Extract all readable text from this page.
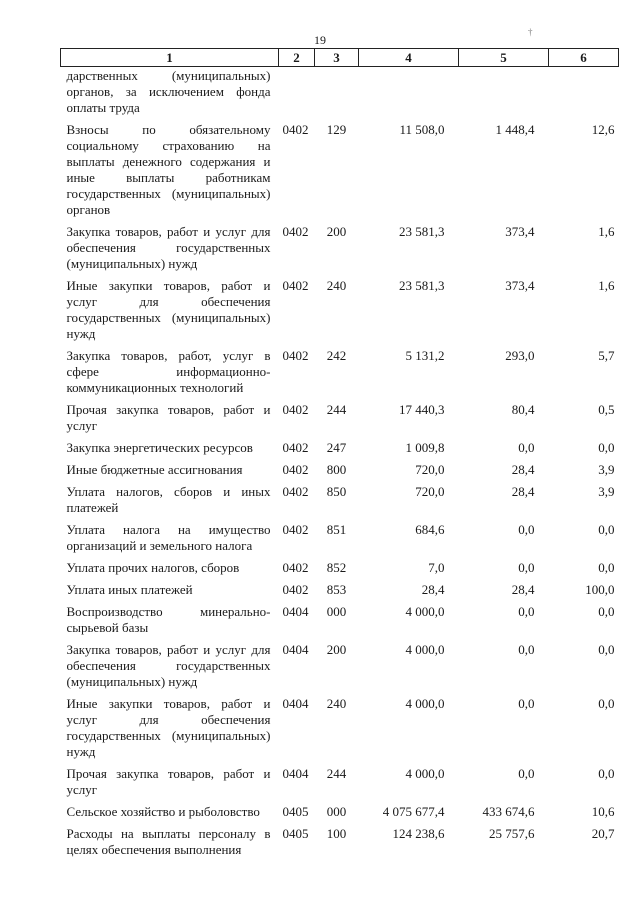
19
†
1	2	3	4	5	6
дарственных (муниципальных) органов, за исключением фонда оплаты труда					
Взносы по обязательному социальному страхованию на выплаты денежного содержания и иные выплаты работникам государственных (муниципальных) органов	0402	129	11 508,0	1 448,4	12,6
Закупка товаров, работ и услуг для обеспечения государственных (муниципальных) нужд	0402	200	23 581,3	373,4	1,6
Иные закупки товаров, работ и услуг для обеспечения государственных (муниципальных) нужд	0402	240	23 581,3	373,4	1,6
Закупка товаров, работ, услуг в сфере информационно-коммуникационных технологий	0402	242	5 131,2	293,0	5,7
Прочая закупка товаров, работ и услуг	0402	244	17 440,3	80,4	0,5
Закупка энергетических ресурсов	0402	247	1 009,8	0,0	0,0
Иные бюджетные ассигнования	0402	800	720,0	28,4	3,9
Уплата налогов, сборов и иных платежей	0402	850	720,0	28,4	3,9
Уплата налога на имущество организаций и земельного налога	0402	851	684,6	0,0	0,0
Уплата прочих налогов, сборов	0402	852	7,0	0,0	0,0
Уплата иных платежей	0402	853	28,4	28,4	100,0
Воспроизводство минерально-сырьевой базы	0404	000	4 000,0	0,0	0,0
Закупка товаров, работ и услуг для обеспечения государственных (муниципальных) нужд	0404	200	4 000,0	0,0	0,0
Иные закупки товаров, работ и услуг для обеспечения государственных (муниципальных) нужд	0404	240	4 000,0	0,0	0,0
Прочая закупка товаров, работ и услуг	0404	244	4 000,0	0,0	0,0
Сельское хозяйство и рыболовство	0405	000	4 075 677,4	433 674,6	10,6
Расходы на выплаты персоналу в целях обеспечения выполнения	0405	100	124 238,6	25 757,6	20,7
